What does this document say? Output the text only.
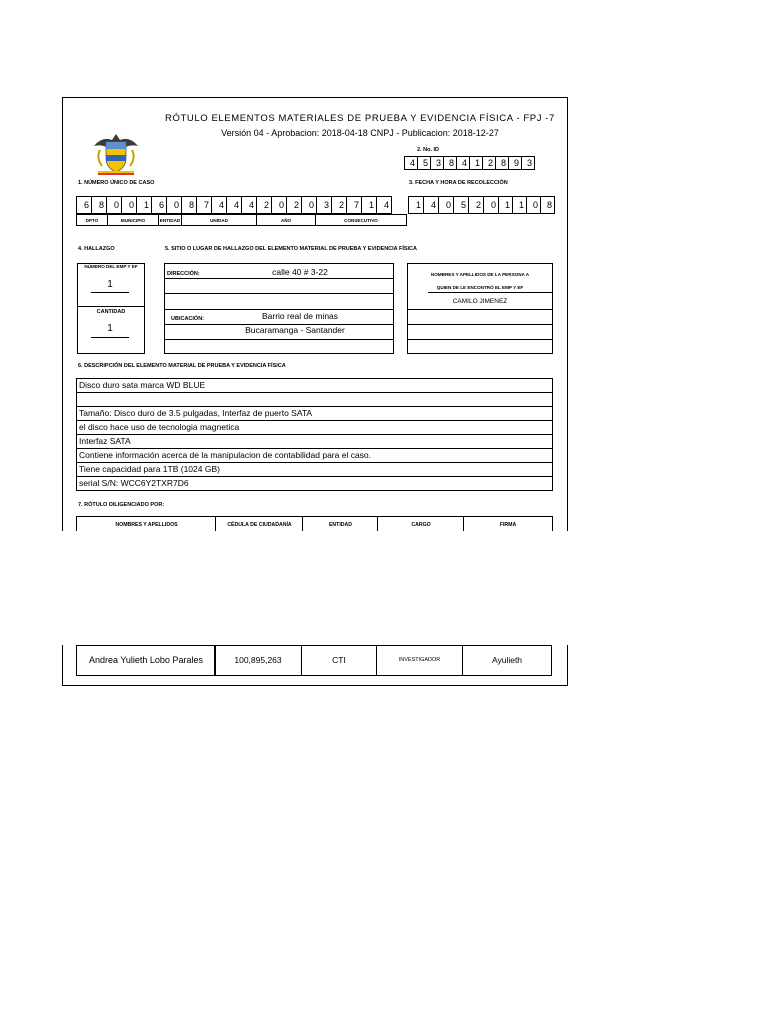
RÓTULO ELEMENTOS MATERIALES DE PRUEBA Y EVIDENCIA FÍSICA - FPJ -7
Versión 04 - Aprobacion: 2018-04-18 CNPJ - Publicacion: 2018-12-27
2. No. ID
4 5 3 8 4 1 2 8 9 3
1. NÚMERO ÚNICO DE CASO
6	8	0	0	1	6	0	8	7	4	4	4	2	0	2	0	3	2	7	1	4
DPTO	MUNICIPIO	ENTIDAD	UNIDAD	AÑO	CONSECUTIVO
3. FECHA Y HORA DE RECOLECCIÓN
1	4	0	5	2	0 1 1 0 8
4. HALLAZGO
NÚMERO DEL EMP Y EF
1
CANTIDAD
1
5. SITIO O LUGAR DE HALLAZGO DEL ELEMENTO MATERIAL DE PRUEBA Y EVIDENCIA FÍSICA
DIRECCIÓN:	calle 40 # 3-22
UBICACIÓN:	Barrio real de minas
Bucaramanga - Santander
NOMBRES Y APELLIDOS DE LA PERSONA A
QUIEN DE LE ENCONTRÓ EL EMP Y EF
CAMILO JIMENEZ
6. DESCRIPCIÓN DEL ELEMENTO MATERIAL DE PRUEBA Y EVIDENCIA FÍSICA
Disco duro sata marca WD BLUE
Tamaño: Disco duro de 3.5 pulgadas, Interfaz de puerto SATA
el disco hace uso de tecnologia magnetica
Interfaz SATA
Contiene información acerca de la manipulacion de contabilidad para el caso.
Tiene capacidad para 1TB (1024 GB)
serial S/N: WCC6Y2TXR7D6
7. RÓTULO DILIGENCIADO POR:
NOMBRES Y APELLIDOS	CÉDULA DE CIUDADANÍA	ENTIDAD	CARGO	FIRMA
Andrea Yulieth Lobo Parales	100,895,263	CTI	INVESTIGADOR	Ayulieth
